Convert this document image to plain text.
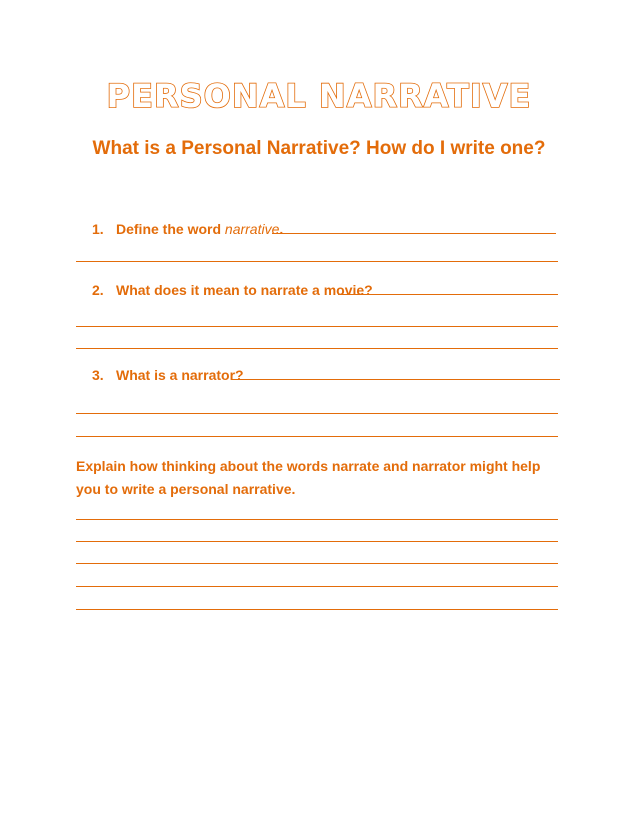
PERSONAL NARRATIVE
What is a Personal Narrative? How do I write one?
1. Define the word narrative.
2. What does it mean to narrate a movie?
3. What is a narrator?
Explain how thinking about the words narrate and narrator might help you to write a personal narrative.
